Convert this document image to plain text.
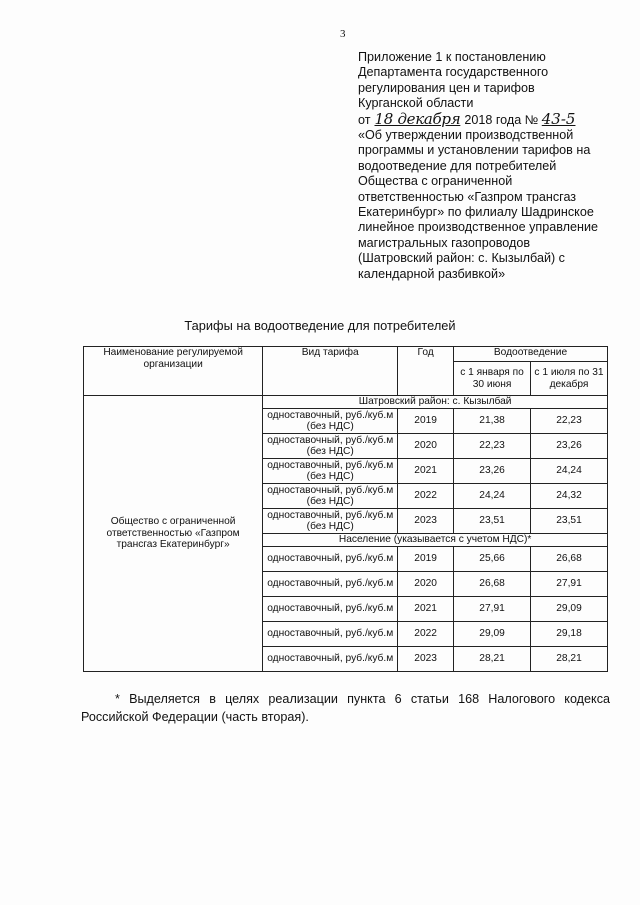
3
Приложение 1 к постановлению
Департамента государственного
регулирования цен и тарифов
Курганской области
от 18 декабря 2018 года № 43-5
«Об утверждении производственной
программы и установлении тарифов на
водоотведение для потребителей
Общества с ограниченной
ответственностью «Газпром трансгаз
Екатеринбург» по филиалу Шадринское
линейное производственное управление
магистральных газопроводов
(Шатровский район: с. Кызылбай) с
календарной разбивкой»
Тарифы на водоотведение для потребителей
Наименование регулируемой организации	Вид тарифа	Год	Водоотведение	
			с 1 января по 30 июня	с 1 июля по 31 декабря
Общество с ограниченной ответственностью «Газпром трансгаз Екатеринбург»	Шатровский район: с. Кызылбай			
	одноставочный, руб./куб.м (без НДС)	2019	21,38	22,23
	одноставочный, руб./куб.м (без НДС)	2020	22,23	23,26
	одноставочный, руб./куб.м (без НДС)	2021	23,26	24,24
	одноставочный, руб./куб.м (без НДС)	2022	24,24	24,32
	одноставочный, руб./куб.м (без НДС)	2023	23,51	23,51
	Население (указывается с учетом НДС)*			
	одноставочный, руб./куб.м	2019	25,66	26,68
	одноставочный, руб./куб.м	2020	26,68	27,91
	одноставочный, руб./куб.м	2021	27,91	29,09
	одноставочный, руб./куб.м	2022	29,09	29,18
	одноставочный, руб./куб.м	2023	28,21	28,21
* Выделяется в целях реализации пункта 6 статьи 168 Налогового кодекса Российской Федерации (часть вторая).
